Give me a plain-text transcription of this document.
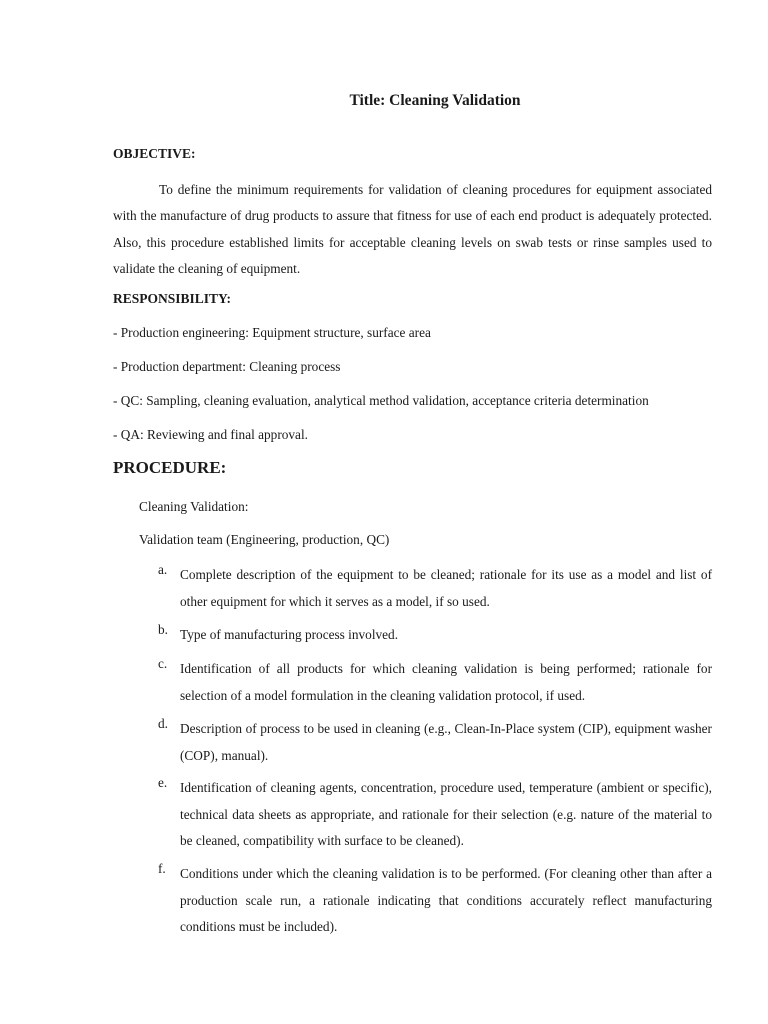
Title: Cleaning Validation
OBJECTIVE:
To define the minimum requirements for validation of cleaning procedures for equipment associated with the manufacture of drug products to assure that fitness for use of each end product is adequately protected. Also, this procedure established limits for acceptable cleaning levels on swab tests or rinse samples used to validate the cleaning of equipment.
RESPONSIBILITY:
- Production engineering: Equipment structure, surface area
- Production department: Cleaning process
- QC: Sampling, cleaning evaluation, analytical method validation, acceptance criteria determination
- QA: Reviewing and final approval.
PROCEDURE:
Cleaning Validation:
Validation team (Engineering, production, QC)
a. Complete description of the equipment to be cleaned; rationale for its use as a model and list of other equipment for which it serves as a model, if so used.
b. Type of manufacturing process involved.
c. Identification of all products for which cleaning validation is being performed; rationale for selection of a model formulation in the cleaning validation protocol, if used.
d. Description of process to be used in cleaning (e.g., Clean-In-Place system (CIP), equipment washer (COP), manual).
e. Identification of cleaning agents, concentration, procedure used, temperature (ambient or specific), technical data sheets as appropriate, and rationale for their selection (e.g. nature of the material to be cleaned, compatibility with surface to be cleaned).
f.	Conditions under which the cleaning validation is to be performed. (For cleaning other than after a production scale run, a rationale indicating that conditions accurately reflect manufacturing conditions must be included).
